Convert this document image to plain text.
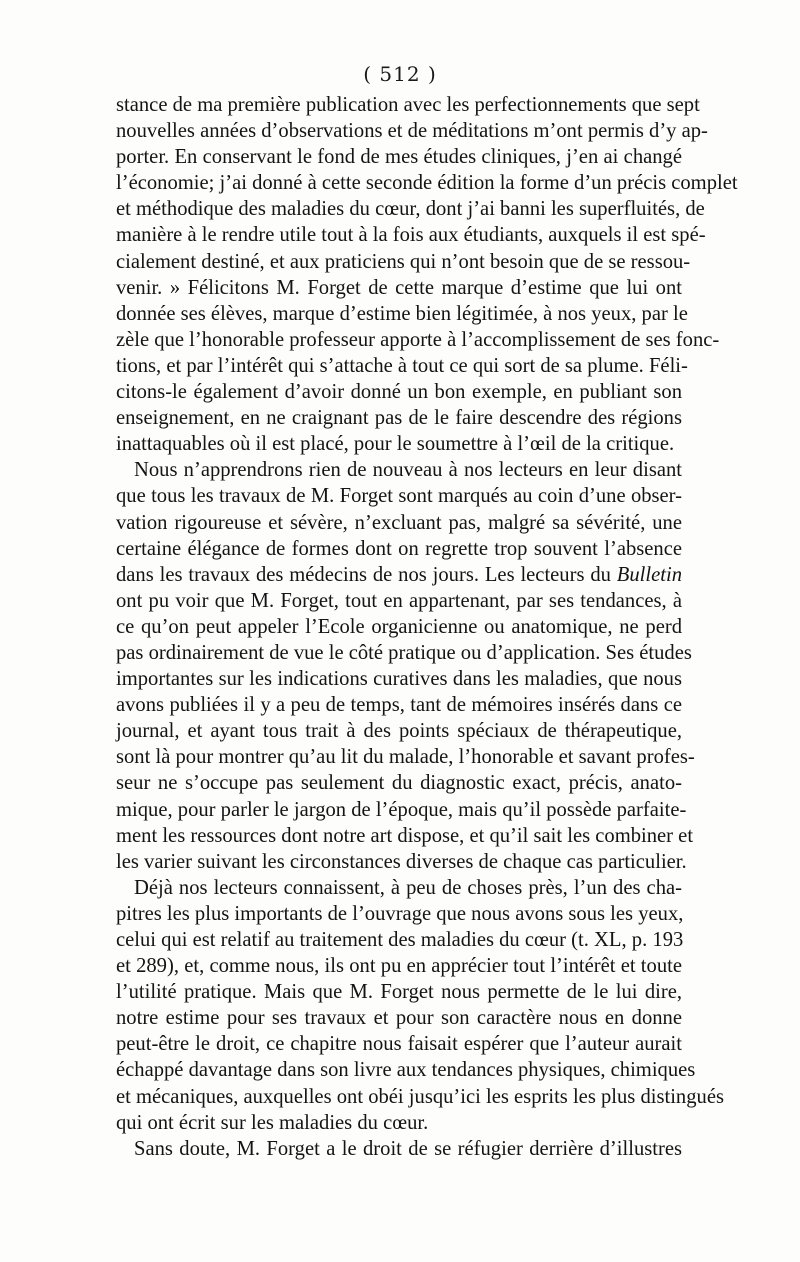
( 512 )
stance de ma première publication avec les perfectionnements que sept
nouvelles années d’observations et de méditations m’ont permis d’y ap-
porter. En conservant le fond de mes études cliniques, j’en ai changé
l’économie; j’ai donné à cette seconde édition la forme d’un précis complet
et méthodique des maladies du cœur, dont j’ai banni les superfluités, de
manière à le rendre utile tout à la fois aux étudiants, auxquels il est spé-
cialement destiné, et aux praticiens qui n’ont besoin que de se ressou-
venir. » Félicitons M. Forget de cette marque d’estime que lui ont
donnée ses élèves, marque d’estime bien légitimée, à nos yeux, par le
zèle que l’honorable professeur apporte à l’accomplissement de ses fonc-
tions, et par l’intérêt qui s’attache à tout ce qui sort de sa plume. Féli-
citons-le également d’avoir donné un bon exemple, en publiant son
enseignement, en ne craignant pas de le faire descendre des régions
inattaquables où il est placé, pour le soumettre à l’œil de la critique.
Nous n’apprendrons rien de nouveau à nos lecteurs en leur disant
que tous les travaux de M. Forget sont marqués au coin d’une obser-
vation rigoureuse et sévère, n’excluant pas, malgré sa sévérité, une
certaine élégance de formes dont on regrette trop souvent l’absence
dans les travaux des médecins de nos jours. Les lecteurs du Bulletin
ont pu voir que M. Forget, tout en appartenant, par ses tendances, à
ce qu’on peut appeler l’Ecole organicienne ou anatomique, ne perd
pas ordinairement de vue le côté pratique ou d’application. Ses études
importantes sur les indications curatives dans les maladies, que nous
avons publiées il y a peu de temps, tant de mémoires insérés dans ce
journal, et ayant tous trait à des points spéciaux de thérapeutique,
sont là pour montrer qu’au lit du malade, l’honorable et savant profes-
seur ne s’occupe pas seulement du diagnostic exact, précis, anato-
mique, pour parler le jargon de l’époque, mais qu’il possède parfaite-
ment les ressources dont notre art dispose, et qu’il sait les combiner et
les varier suivant les circonstances diverses de chaque cas particulier.
Déjà nos lecteurs connaissent, à peu de choses près, l’un des cha-
pitres les plus importants de l’ouvrage que nous avons sous les yeux,
celui qui est relatif au traitement des maladies du cœur (t. XL, p. 193
et 289), et, comme nous, ils ont pu en apprécier tout l’intérêt et toute
l’utilité pratique. Mais que M. Forget nous permette de le lui dire,
notre estime pour ses travaux et pour son caractère nous en donne
peut-être le droit, ce chapitre nous faisait espérer que l’auteur aurait
échappé davantage dans son livre aux tendances physiques, chimiques
et mécaniques, auxquelles ont obéi jusqu’ici les esprits les plus distingués
qui ont écrit sur les maladies du cœur.
Sans doute, M. Forget a le droit de se réfugier derrière d’illustres
